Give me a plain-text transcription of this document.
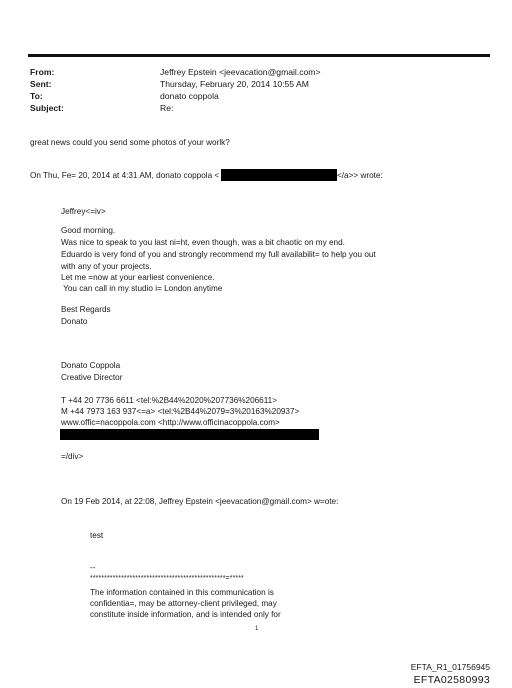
From:	Jeffrey Epstein <jeevacation@gmail.com>
Sent:	Thursday, February 20, 2014 10:55 AM
To:	donato coppola
Subject:	Re:
great news could you send some photos of your worlk?
On Thu, Fe= 20, 2014 at 4:31 AM, donato coppola <	</a>> wrote:
Jeffrey<=iv>
Good morning.
Was nice to speak to you last ni=ht, even though, was a bit chaotic on my end.
Eduardo is very fond of you and strongly recommend my full availabilit= to help you out
with any of your projects.
Let me =now at your earliest convenience.
You can call in my studio i= London anytime
Best Regards
Donato
Donato Coppola
Creative Director
T +44 20 7736 6611 <tel:%2B44%2020%207736%206611>
M +44 7973 163 937<=a> <tel:%2B44%2079=3%20163%20937>
www.offic=nacoppola.com <http://www.officinacoppola.com>
=/div>
On 19 Feb 2014, at 22:08, Jeffrey Epstein <jeevacation@gmail.com> w=ote:
test
--
************************************************=*****
The information contained in this communication is
confidentia=, may be attorney-client privileged, may
constitute inside information, and is intended only for
1
EFTA_R1_01756945
EFTA02580993
